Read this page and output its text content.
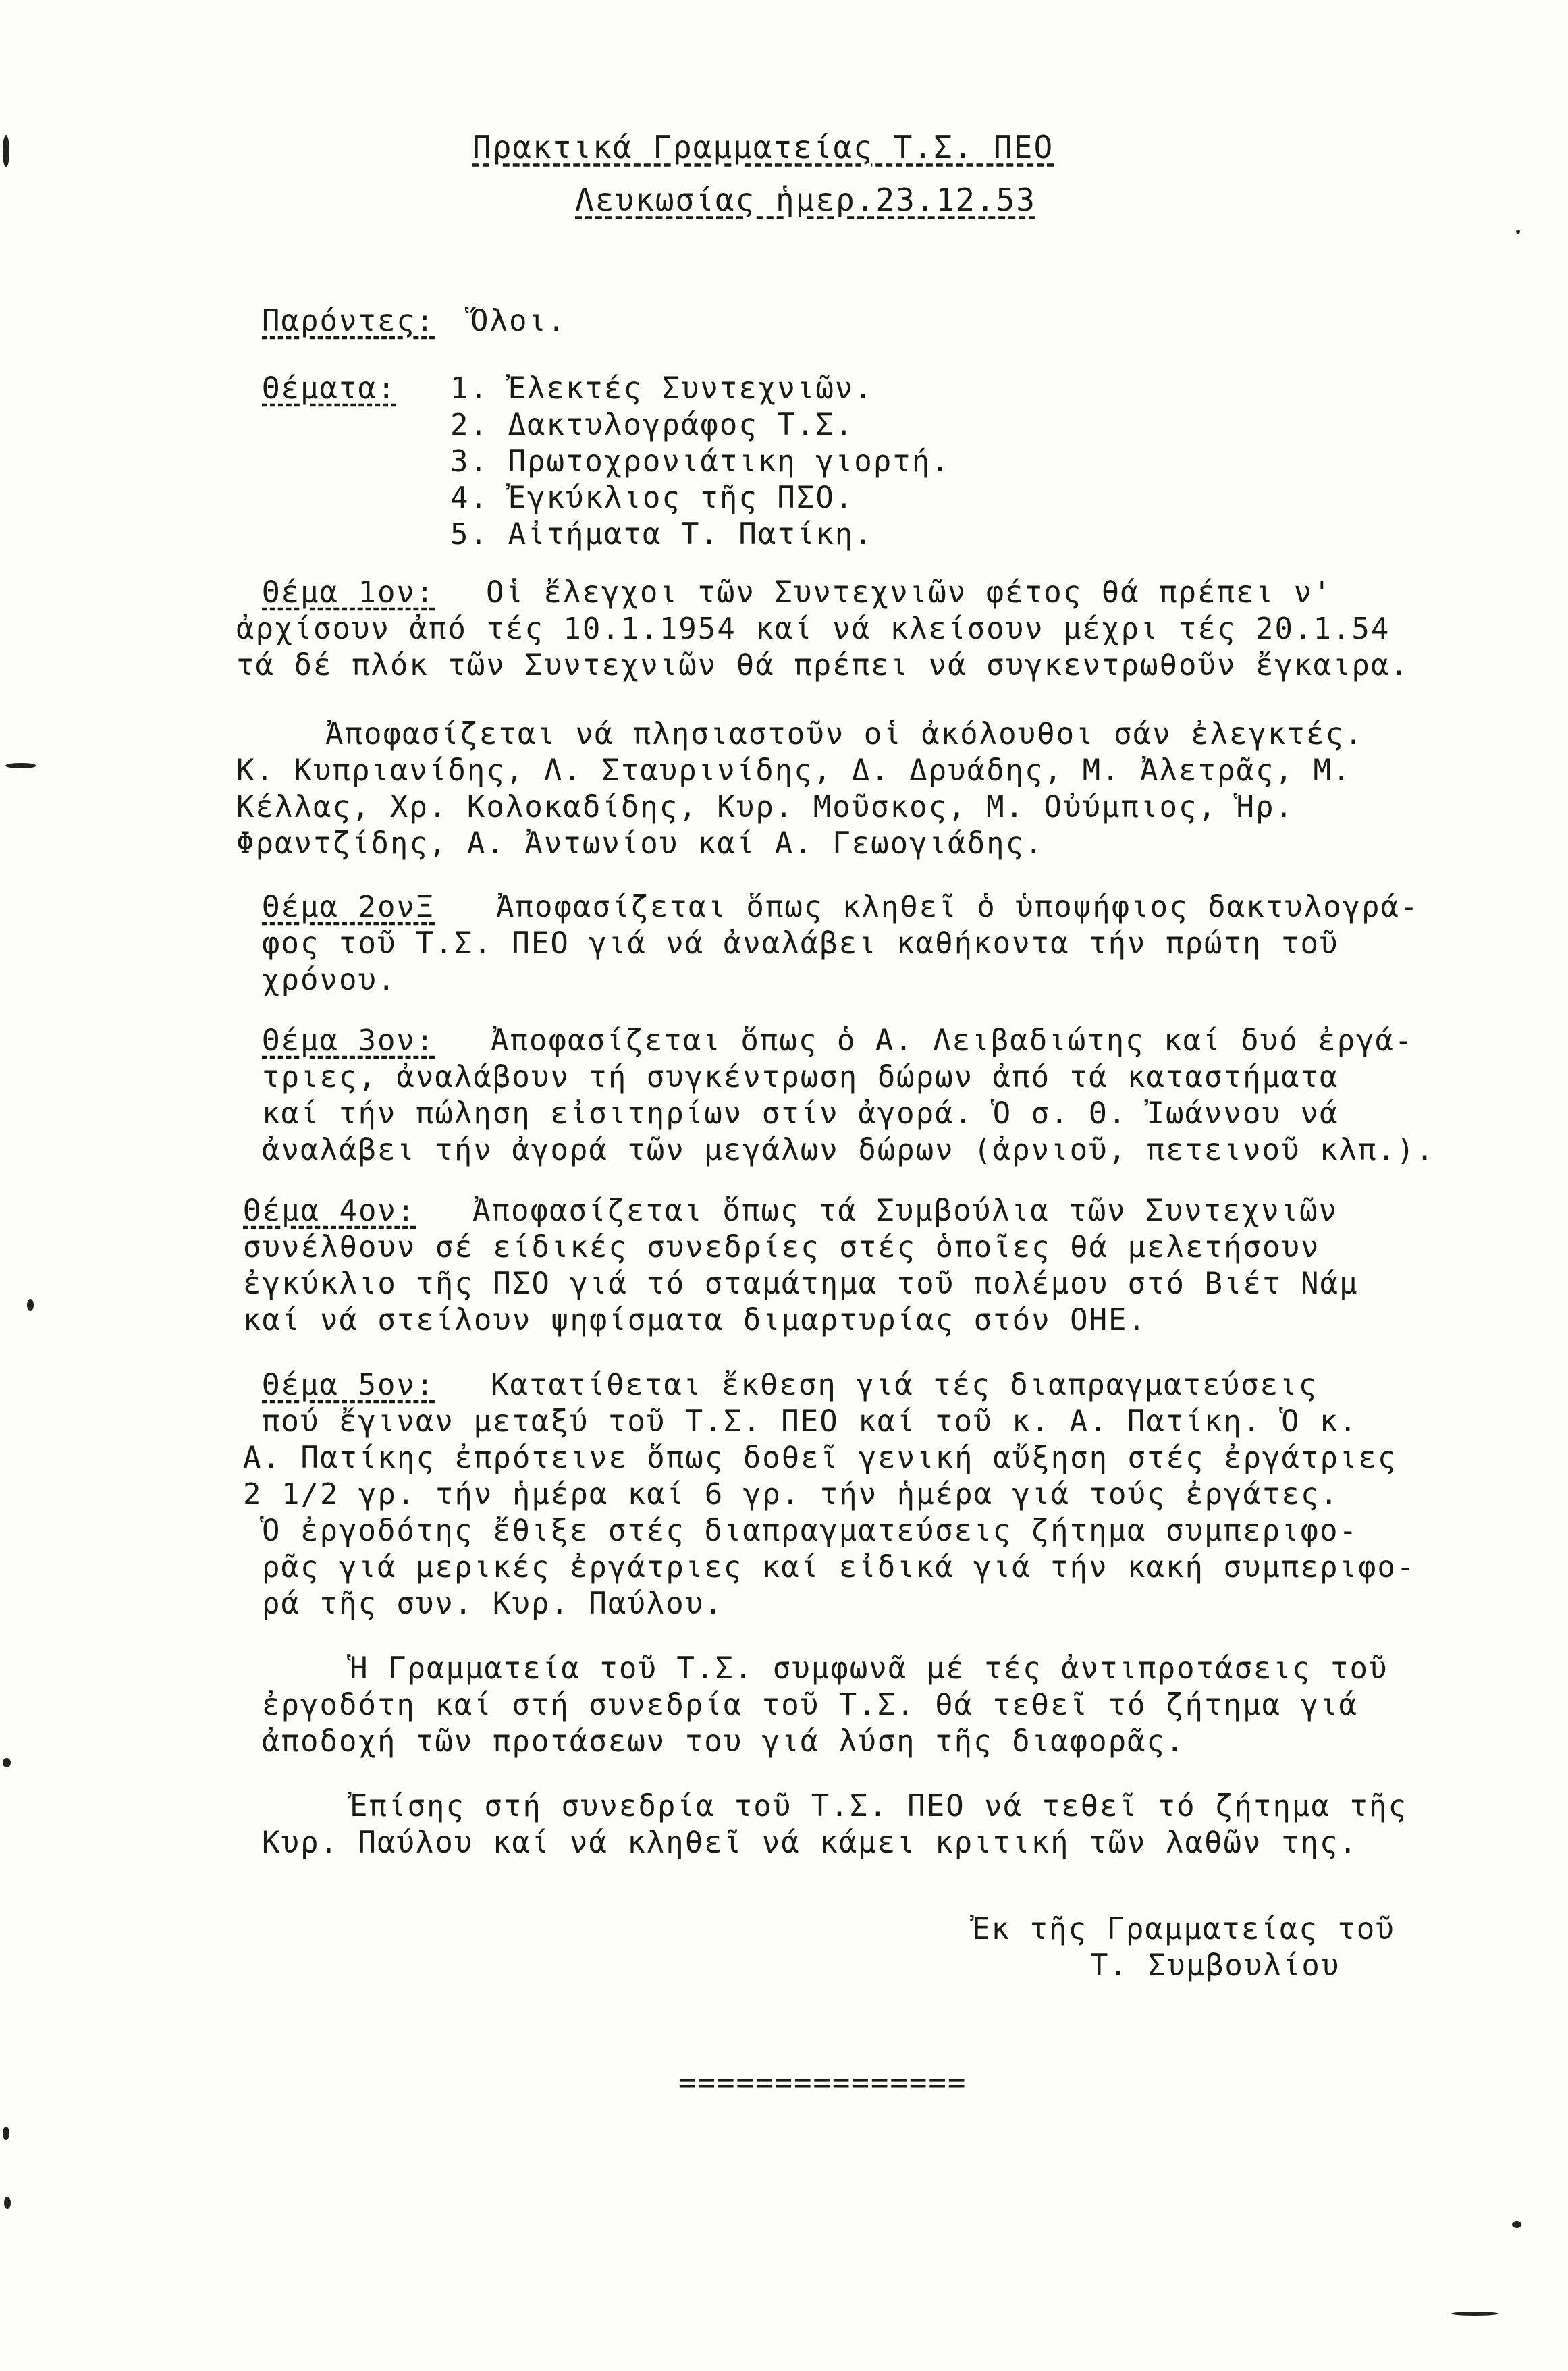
Πρακτικά Γραμματείας Τ.Σ. ΠΕΟ
Λευκωσίας ἡμερ.23.12.53
Παρόντες: Ὅλοι.
Θέματα: 1. Ἐλεκτές Συντεχνιῶν.
2. Δακτυλογράφος Τ.Σ.
3. Πρωτοχρονιάτικη γιορτή.
4. Ἐγκύκλιος τῆς ΠΣΟ.
5. Αἰτήματα Τ. Πατίκη.
Θέμα 1ον: Οἱ ἔλεγχοι τῶν Συντεχνιῶν φέτος θά πρέπει ν'
ἀρχίσουν ἀπό τές 10.1.1954 καί νά κλείσουν μέχρι τές 20.1.54
τά δέ πλόκ τῶν Συντεχνιῶν θά πρέπει νά συγκεντρωθοῦν ἔγκαιρα.
Ἀποφασίζεται νά πλησιαστοῦν οἱ ἀκόλουθοι σάν ἐλεγκτές.
Κ. Κυπριανίδης, Λ. Σταυρινίδης, Δ. Δρυάδης, Μ. Ἀλετρᾶς, Μ.
Κέλλας, Χρ. Κολοκαδίδης, Κυρ. Μοῦσκος, Μ. Οὐύμπιος, Ἡρ.
Φραντζίδης, Α. Ἀντωνίου καί Α. Γεωογιάδης.
Θέμα 2ονΞ Ἀποφασίζεται ὅπως κληθεῖ ὁ ὑποψήφιος δακτυλογρά-
φος τοῦ Τ.Σ. ΠΕΟ γιά νά ἀναλάβει καθήκοντα τήν πρώτη τοῦ
χρόνου.
Θέμα 3ον: Ἀποφασίζεται ὅπως ὁ Α. Λειβαδιώτης καί δυό ἐργά-
τριες, ἀναλάβουν τή συγκέντρωση δώρων ἀπό τά καταστήματα
καί τήν πώληση εἰσιτηρίων στίν ἀγορά. Ὁ σ. Θ. Ἰωάννου νά
ἀναλάβει τήν ἀγορά τῶν μεγάλων δώρων (ἀρνιοῦ, πετεινοῦ κλπ.).
Θέμα 4ον: Ἀποφασίζεται ὅπως τά Συμβούλια τῶν Συντεχνιῶν
συνέλθουν σέ είδικές συνεδρίες στές ὁποῖες θά μελετήσουν
ἐγκύκλιο τῆς ΠΣΟ γιά τό σταμάτημα τοῦ πολέμου στό Βιέτ Νάμ
καί νά στείλουν ψηφίσματα διμαρτυρίας στόν ΟΗΕ.
Θέμα 5ον: Κατατίθεται ἔκθεση γιά τές διαπραγματεύσεις
πού ἔγιναν μεταξύ τοῦ Τ.Σ. ΠΕΟ καί τοῦ κ. Α. Πατίκη. Ὁ κ.
Α. Πατίκης ἐπρότεινε ὅπως δοθεῖ γενική αὔξηση στές ἐργάτριες
2 1/2 γρ. τήν ἡμέρα καί 6 γρ. τήν ἡμέρα γιά τούς ἐργάτες.
Ὁ ἐργοδότης ἔθιξε στές διαπραγματεύσεις ζήτημα συμπεριφο-
ρᾶς γιά μερικές ἐργάτριες καί εἰδικά γιά τήν κακή συμπεριφο-
ρά τῆς συν. Κυρ. Παύλου.
Ἡ Γραμματεία τοῦ Τ.Σ. συμφωνᾶ μέ τές ἀντιπροτάσεις τοῦ
ἐργοδότη καί στή συνεδρία τοῦ Τ.Σ. θά τεθεῖ τό ζήτημα γιά
ἀποδοχή τῶν προτάσεων του γιά λύση τῆς διαφορᾶς.
Ἐπίσης στή συνεδρία τοῦ Τ.Σ. ΠΕΟ νά τεθεῖ τό ζήτημα τῆς
Κυρ. Παύλου καί νά κληθεῖ νά κάμει κριτική τῶν λαθῶν της.
Ἐκ τῆς Γραμματείας τοῦ
Τ. Συμβουλίου
===============
